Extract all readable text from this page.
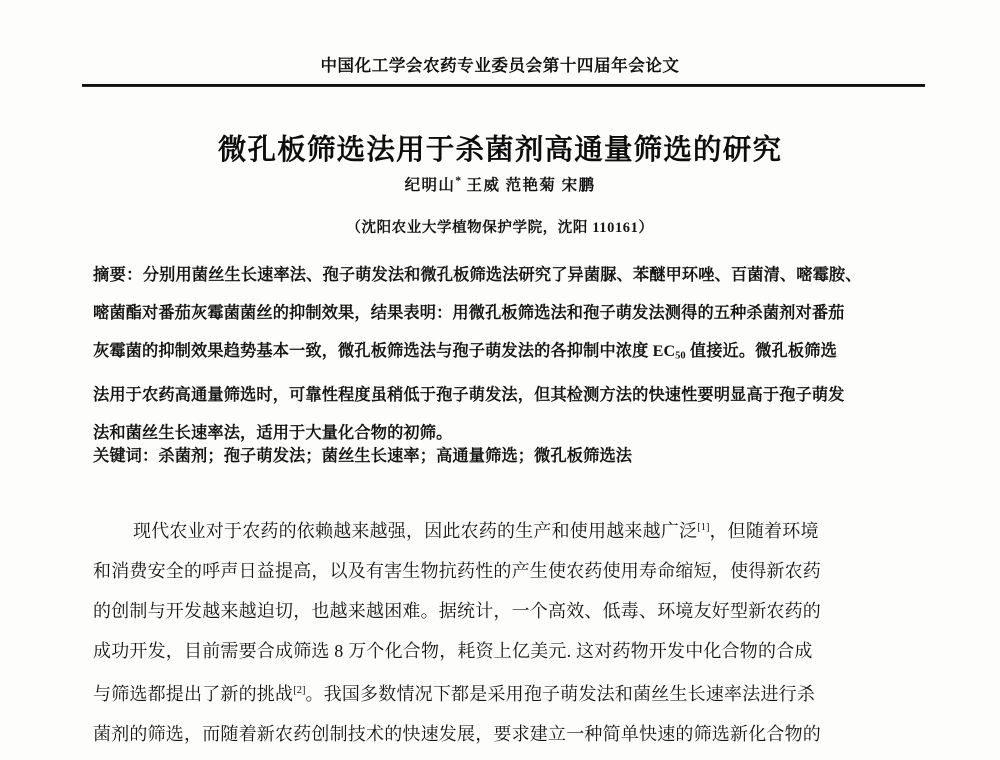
中国化工学会农药专业委员会第十四届年会论文
微孔板筛选法用于杀菌剂高通量筛选的研究
纪明山* 王威 范艳菊 宋鹏
（沈阳农业大学植物保护学院，沈阳 110161）
摘要：分别用菌丝生长速率法、孢子萌发法和微孔板筛选法研究了异菌脲、苯醚甲环唑、百菌清、嘧霉胺、
嘧菌酯对番茄灰霉菌菌丝的抑制效果，结果表明：用微孔板筛选法和孢子萌发法测得的五种杀菌剂对番茄
灰霉菌的抑制效果趋势基本一致，微孔板筛选法与孢子萌发法的各抑制中浓度 $EC_{50}$ 值接近。微孔板筛选
法用于农药高通量筛选时，可靠性程度虽稍低于孢子萌发法，但其检测方法的快速性要明显高于孢子萌发
法和菌丝生长速率法，适用于大量化合物的初筛。
关键词：杀菌剂；孢子萌发法；菌丝生长速率；高通量筛选；微孔板筛选法
现代农业对于农药的依赖越来越强，因此农药的生产和使用越来越广泛[1]，但随着环境
和消费安全的呼声日益提高，以及有害生物抗药性的产生使农药使用寿命缩短，使得新农药
的创制与开发越来越迫切，也越来越困难。据统计，一个高效、低毒、环境友好型新农药的
成功开发，目前需要合成筛选 8 万个化合物，耗资上亿美元. 这对药物开发中化合物的合成
与筛选都提出了新的挑战[2]。我国多数情况下都是采用孢子萌发法和菌丝生长速率法进行杀
菌剂的筛选，而随着新农药创制技术的快速发展，要求建立一种简单快速的筛选新化合物的
